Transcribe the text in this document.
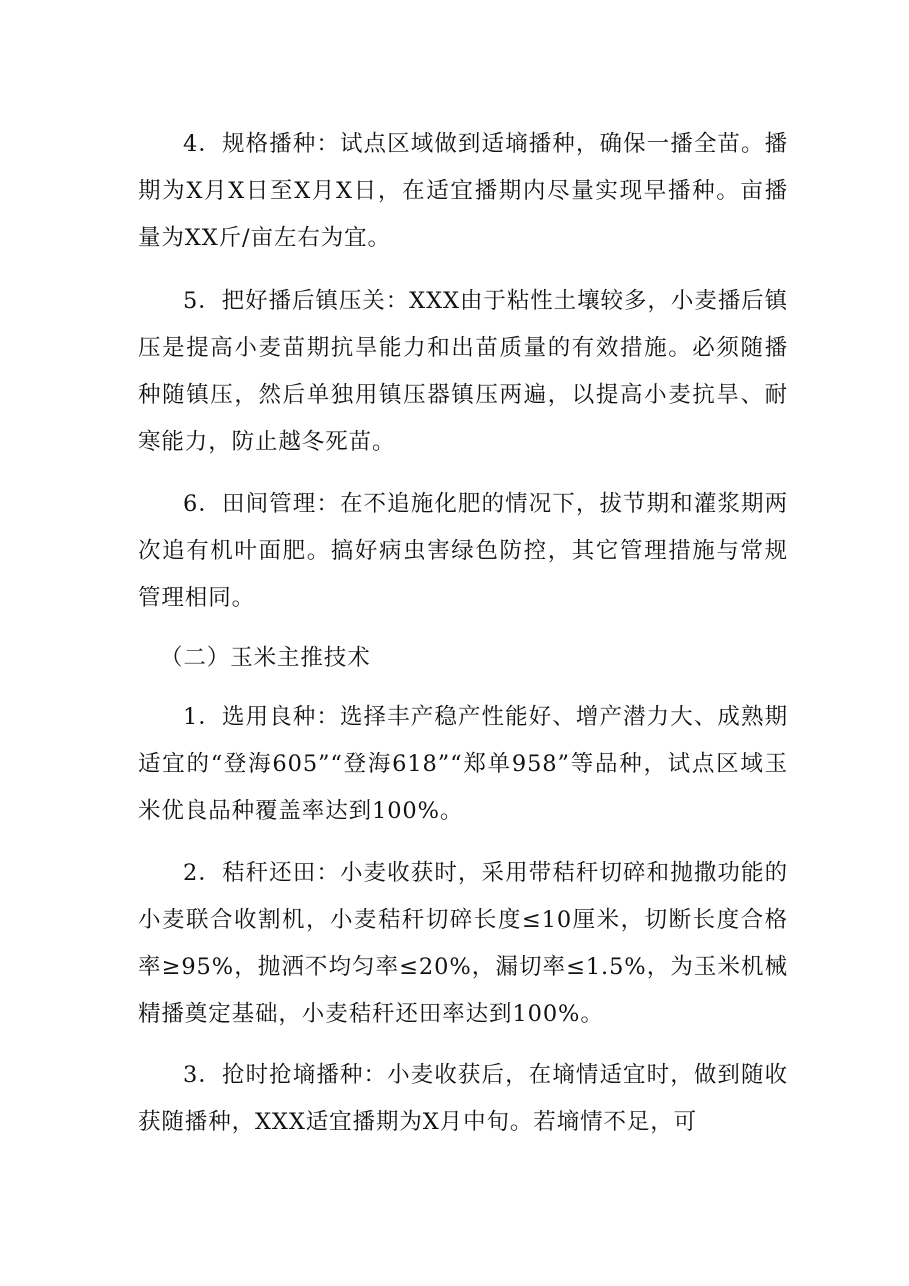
4．规格播种：试点区域做到适墒播种，确保一播全苗。播期为X月X日至X月X日，在适宜播期内尽量实现早播种。亩播量为XX斤/亩左右为宜。

5．把好播后镇压关：XXX由于粘性土壤较多，小麦播后镇压是提高小麦苗期抗旱能力和出苗质量的有效措施。必须随播种随镇压，然后单独用镇压器镇压两遍，以提高小麦抗旱、耐寒能力，防止越冬死苗。

6．田间管理：在不追施化肥的情况下，拔节期和灌浆期两次追有机叶面肥。搞好病虫害绿色防控，其它管理措施与常规管理相同。

（二）玉米主推技术

1．选用良种：选择丰产稳产性能好、增产潜力大、成熟期适宜的“登海605”“登海618”“郑单958”等品种，试点区域玉米优良品种覆盖率达到100%。

2．秸秆还田：小麦收获时，采用带秸秆切碎和抛撒功能的小麦联合收割机，小麦秸秆切碎长度≤10厘米，切断长度合格率≥95%，抛洒不均匀率≤20%，漏切率≤1.5%，为玉米机械精播奠定基础，小麦秸秆还田率达到100%。

3．抢时抢墒播种：小麦收获后，在墒情适宜时，做到随收获随播种，XXX适宜播期为X月中旬。若墒情不足，可
